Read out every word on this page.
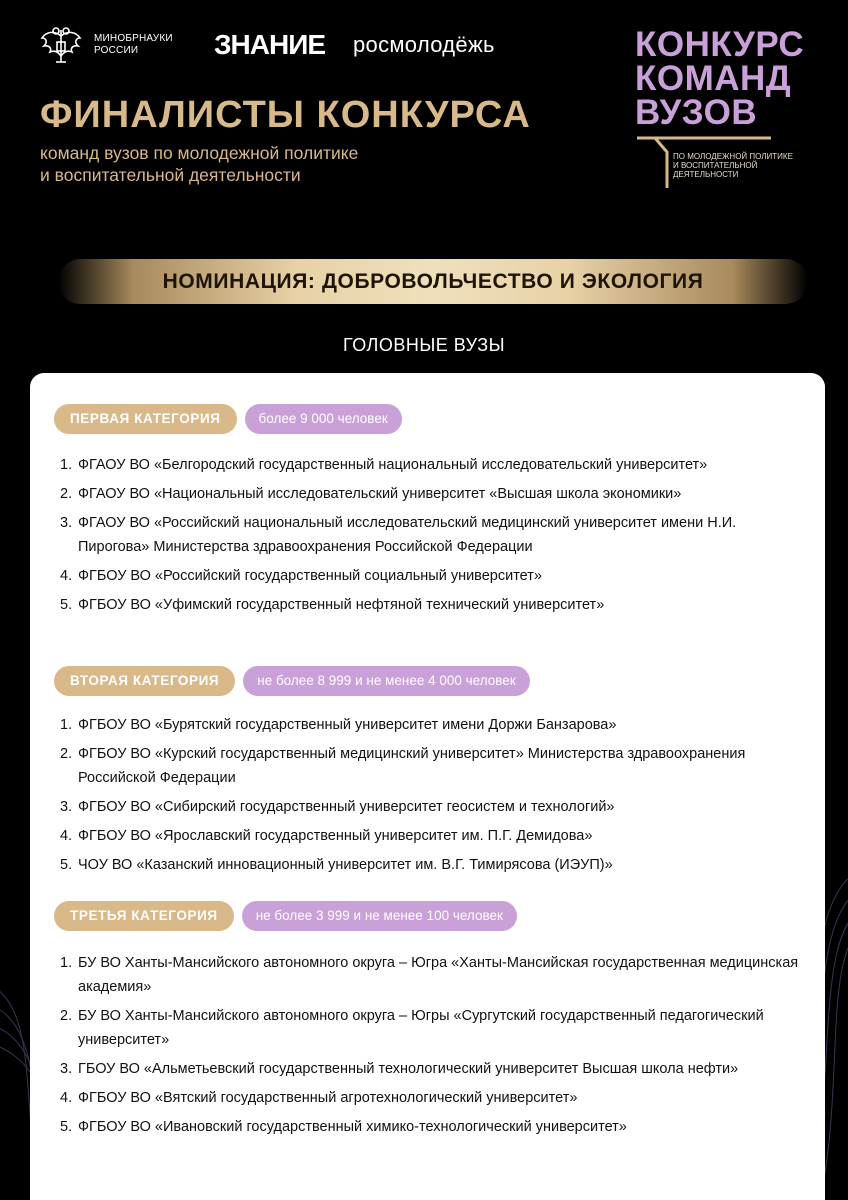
МИНОБРНАУКИ РОССИИ	ЗНАНИЕ росмолодёжь	КОНКУРС
КОМАНД
ВУЗОВ
ПО МОЛОДЕЖНОЙ ПОЛИТИКЕ
И ВОСПИТАТЕЛЬНОЙ
ДЕЯТЕЛЬНОСТИ
ФИНАЛИСТЫ КОНКУРСА
команд вузов по молодежной политике
и воспитательной деятельности
НОМИНАЦИЯ: ДОБРОВОЛЬЧЕСТВО И ЭКОЛОГИЯ
ГОЛОВНЫЕ ВУЗЫ
ПЕРВАЯ КАТЕГОРИЯ	более 9 000 человек
1. ФГАОУ ВО «Белгородский государственный национальный исследовательский университет»
2. ФГАОУ ВО «Национальный исследовательский университет «Высшая школа экономики»
3. ФГАОУ ВО «Российский национальный исследовательский медицинский университет имени Н.И. Пирогова» Министерства здравоохранения Российской Федерации
4. ФГБОУ ВО «Российский государственный социальный университет»
5. ФГБОУ ВО «Уфимский государственный нефтяной технический университет»
ВТОРАЯ КАТЕГОРИЯ	не более 8 999 и не менее 4 000 человек
1. ФГБОУ ВО «Бурятский государственный университет имени Доржи Банзарова»
2. ФГБОУ ВО «Курский государственный медицинский университет» Министерства здравоохранения Российской Федерации
3. ФГБОУ ВО «Сибирский государственный университет геосистем и технологий»
4. ФГБОУ ВО «Ярославский государственный университет им. П.Г. Демидова»
5. ЧОУ ВО «Казанский инновационный университет им. В.Г. Тимирясова (ИЭУП)»
ТРЕТЬЯ КАТЕГОРИЯ	не более 3 999 и не менее 100 человек
1. БУ ВО Ханты-Мансийского автономного округа – Югра «Ханты-Мансийская государственная медицинская академия»
2. БУ ВО Ханты-Мансийского автономного округа – Югры «Сургутский государственный педагогический университет»
3. ГБОУ ВО «Альметьевский государственный технологический университет Высшая школа нефти»
4. ФГБОУ ВО «Вятский государственный агротехнологический университет»
5. ФГБОУ ВО «Ивановский государственный химико-технологический университет»
